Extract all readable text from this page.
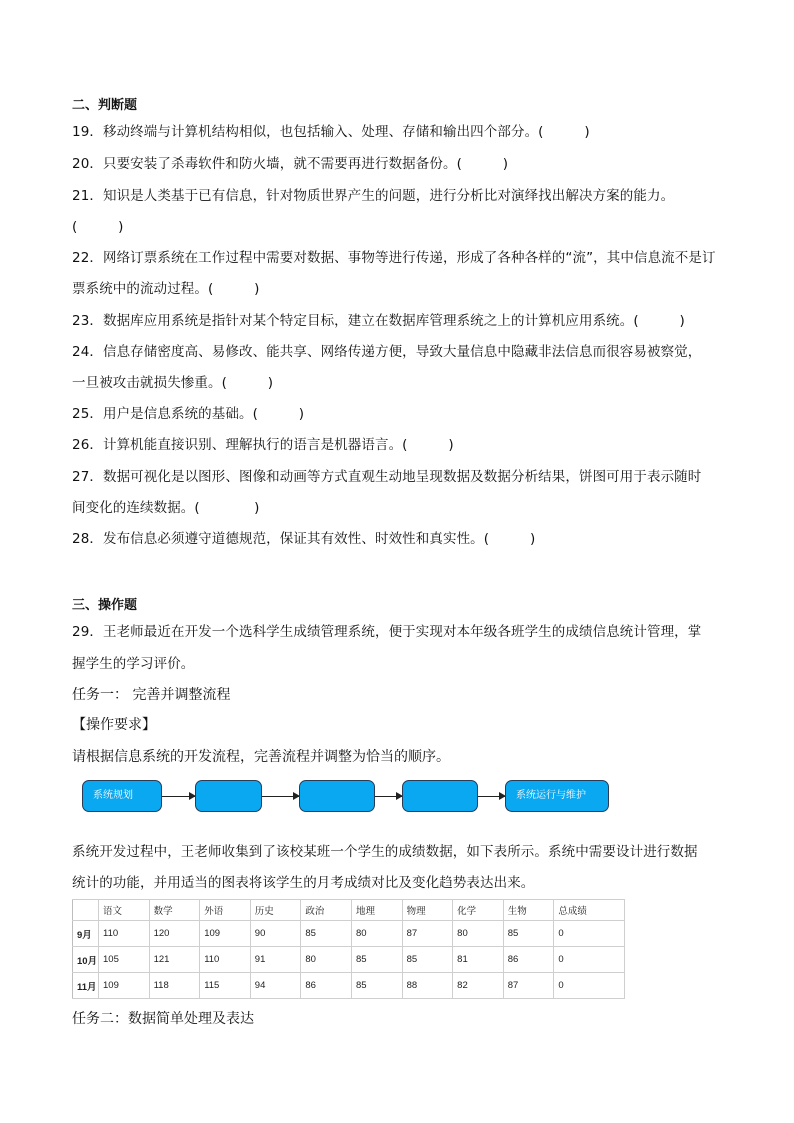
二、判断题
19．移动终端与计算机结构相似，也包括输入、处理、存储和输出四个部分。(　　　)
20．只要安装了杀毒软件和防火墙，就不需要再进行数据备份。(　　　)
21．知识是人类基于已有信息，针对物质世界产生的问题，进行分析比对演绎找出解决方案的能力。
(　　　)
22．网络订票系统在工作过程中需要对数据、事物等进行传递，形成了各种各样的“流”，其中信息流不是订
票系统中的流动过程。(　　　)
23．数据库应用系统是指针对某个特定目标，建立在数据库管理系统之上的计算机应用系统。(　　　)
24．信息存储密度高、易修改、能共享、网络传递方便，导致大量信息中隐藏非法信息而很容易被察觉，
一旦被攻击就损失惨重。(　　　)
25．用户是信息系统的基础。(　　　)
26．计算机能直接识别、理解执行的语言是机器语言。(　　　)
27．数据可视化是以图形、图像和动画等方式直观生动地呈现数据及数据分析结果，饼图可用于表示随时
间变化的连续数据。(　　　　)
28．发布信息必须遵守道德规范，保证其有效性、时效性和真实性。(　　　)
三、操作题
29．王老师最近在开发一个选科学生成绩管理系统，便于实现对本年级各班学生的成绩信息统计管理，掌
握学生的学习评价。
任务一： 完善并调整流程
【操作要求】
请根据信息系统的开发流程，完善流程并调整为恰当的顺序。
系统规划	系统运行与维护
系统开发过程中，王老师收集到了该校某班一个学生的成绩数据，如下表所示。系统中需要设计进行数据
统计的功能，并用适当的图表将该学生的月考成绩对比及变化趋势表达出来。
	语文	数学	外语	历史	政治	地理	物理	化学	生物	总成绩
9月	110	120	109	90	85	80	87	80	85	0
10月	105	121	110	91	80	85	85	81	86	0
11月	109	118	115	94	86	85	88	82	87	0
任务二：数据简单处理及表达
